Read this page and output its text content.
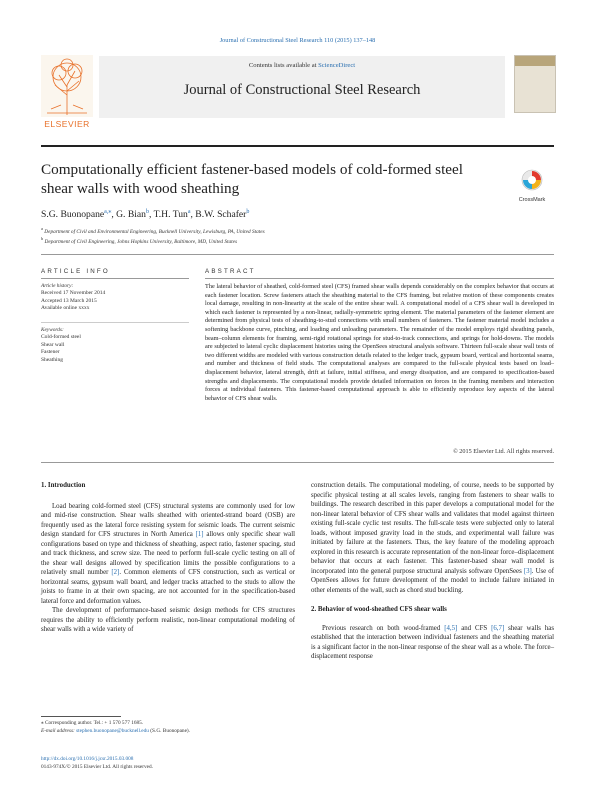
Journal of Constructional Steel Research 110 (2015) 137–148
ELSEVIER
Contents lists available at ScienceDirect
Journal of Constructional Steel Research
Computationally efficient fastener-based models of cold-formed steel
shear walls with wood sheathing
CrossMark
S.G. Buonopane$^{a,⁎}$, G. Bian$^b$, T.H. Tun$^a$, B.W. Schafer$^b$
$^a$ Department of Civil and Environmental Engineering, Bucknell University, Lewisburg, PA, United States
$^b$ Department of Civil Engineering, Johns Hopkins University, Baltimore, MD, United States
ARTICLE INFO
Article history:
Received 17 November 2014
Accepted 13 March 2015
Available online xxxx
Keywords:
Cold-formed steel
Shear wall
Fastener
Sheathing
ABSTRACT
The lateral behavior of sheathed, cold-formed steel (CFS) framed shear walls depends considerably on the complex behavior that occurs at each fastener location. Screw fasteners attach the sheathing material to the CFS framing, but relative motion of these components creates local damage, resulting in non-linearity at the scale of the entire shear wall. A computational model of a CFS shear wall is developed in which each fastener is represented by a non-linear, radially-symmetric spring element. The material parameters of the fastener element are determined from physical tests of sheathing-to-stud connections with small numbers of fasteners. The fastener material model includes a softening backbone curve, pinching, and loading and unloading parameters. The remainder of the model employs rigid sheathing panels, beam–column elements for framing, semi-rigid rotational springs for stud-to-track connections, and springs for hold-downs. The models are subjected to lateral cyclic displacement histories using the OpenSees structural analysis software. Thirteen full-scale shear wall tests of two different widths are modeled with various construction details related to the ledger track, gypsum board, vertical and horizontal seams, and number and thickness of field studs. The computational analyses are compared to the full-scale physical tests based on load–displacement behavior, lateral strength, drift at failure, initial stiffness, and energy dissipation, and are compared to specification-based strengths and displacements. The computational models provide detailed information on forces in the framing members and interaction forces at individual fasteners. This fastener-based computational approach is able to efficiently reproduce key aspects of the lateral behavior of CFS shear walls.
© 2015 Elsevier Ltd. All rights reserved.
1. Introduction

Load bearing cold-formed steel (CFS) structural systems are commonly used for low and mid-rise construction. Shear walls sheathed with oriented-strand board (OSB) are frequently used as the lateral force resisting system for seismic loads. The current seismic design standard for CFS structures in North America [1] allows only specific shear wall configurations based on type and thickness of sheathing, aspect ratio, fastener spacing, stud and track thickness, and screw size. The need to perform full-scale cyclic testing on all of the shear wall designs allowed by specification limits the possible configurations to a relatively small number [2]. Common elements of CFS construction, such as vertical or horizontal seams, gypsum wall board, and ledger tracks attached to the studs to allow the joists to frame in at their own spacing, are not accounted for in the specification-based lateral force and deformation values.

The development of performance-based seismic design methods for CFS structures requires the ability to efficiently perform realistic, non-linear computational modeling of shear walls with a wide variety of

construction details. The computational modeling, of course, needs to be supported by specific physical testing at all scales levels, ranging from fasteners to shear walls to buildings. The research described in this paper develops a computational model for the non-linear lateral behavior of CFS shear walls and validates that model against thirteen existing full-scale cyclic test results. The full-scale tests were subjected only to lateral loads, without imposed gravity load in the studs, and experimental wall failure was initiated by failure at the fasteners. Thus, the key feature of the modeling approach explored in this research is accurate representation of the non-linear force–displacement behavior that occurs at each fastener. This fastener-based shear wall model is incorporated into the general purpose structural analysis software OpenSees [3]. Use of OpenSees allows for future development of the model to include failure initiated in other elements of the wall, such as chord stud buckling.

2. Behavior of wood-sheathed CFS shear walls

Previous research on both wood-framed [4,5] and CFS [6,7] shear walls has established that the interaction between individual fasteners and the sheathing material is a significant factor in the non-linear response of the shear wall as a whole. The force–displacement response

⁎ Corresponding author. Tel.: + 1 570 577 1685.
E-mail address: stephen.buonopane@bucknell.edu (S.G. Buonopane).
http://dx.doi.org/10.1016/j.jcsr.2015.03.008
0143-974X/© 2015 Elsevier Ltd. All rights reserved.
